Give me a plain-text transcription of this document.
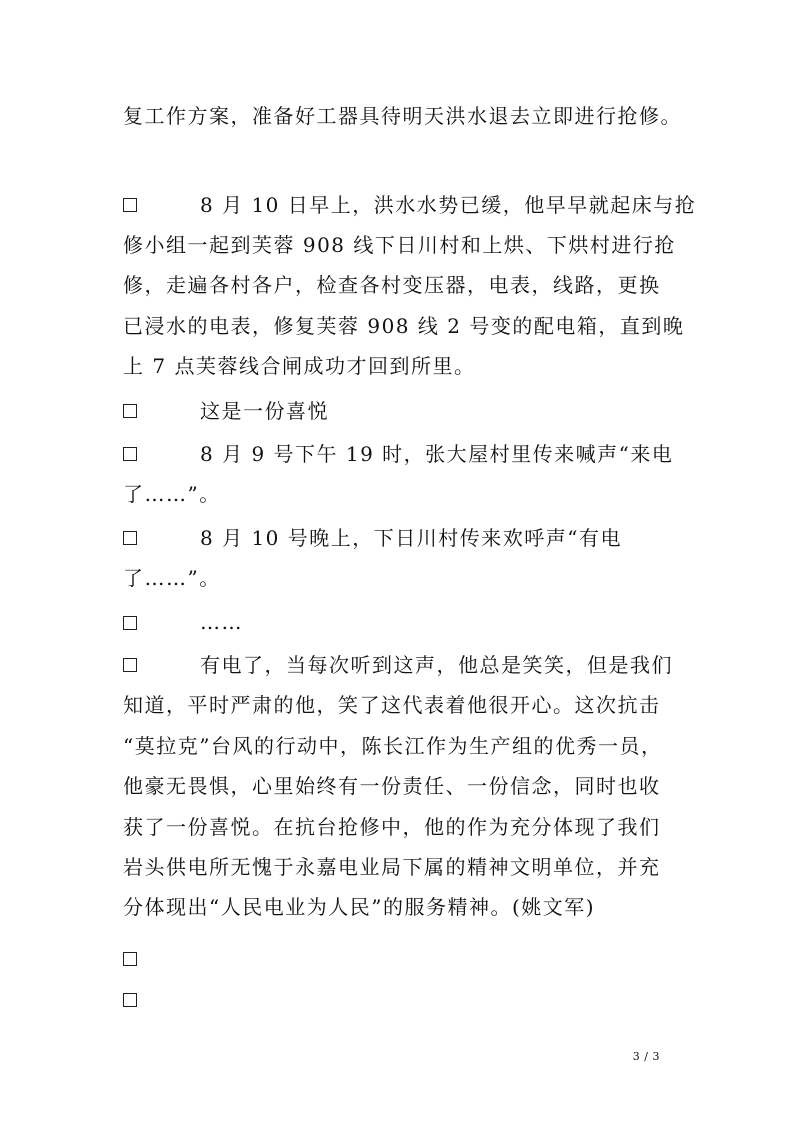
复工作方案，准备好工器具待明天洪水退去立即进行抢修。
8 月 10 日早上，洪水水势已缓，他早早就起床与抢
修小组一起到芙蓉 908 线下日川村和上烘、下烘村进行抢
修，走遍各村各户，检查各村变压器，电表，线路，更换
已浸水的电表，修复芙蓉 908 线 2 号变的配电箱，直到晚
上 7 点芙蓉线合闸成功才回到所里。
这是一份喜悦
8 月 9 号下午 19 时，张大屋村里传来喊声“来电
了……”。
8 月 10 号晚上，下日川村传来欢呼声“有电
了……”。
……
有电了，当每次听到这声，他总是笑笑，但是我们
知道，平时严肃的他，笑了这代表着他很开心。这次抗击
“莫拉克”台风的行动中，陈长江作为生产组的优秀一员，
他豪无畏惧，心里始终有一份责任、一份信念，同时也收
获了一份喜悦。在抗台抢修中，他的作为充分体现了我们
岩头供电所无愧于永嘉电业局下属的精神文明单位，并充
分体现出“人民电业为人民”的服务精神。(姚文军)
3 / 3
